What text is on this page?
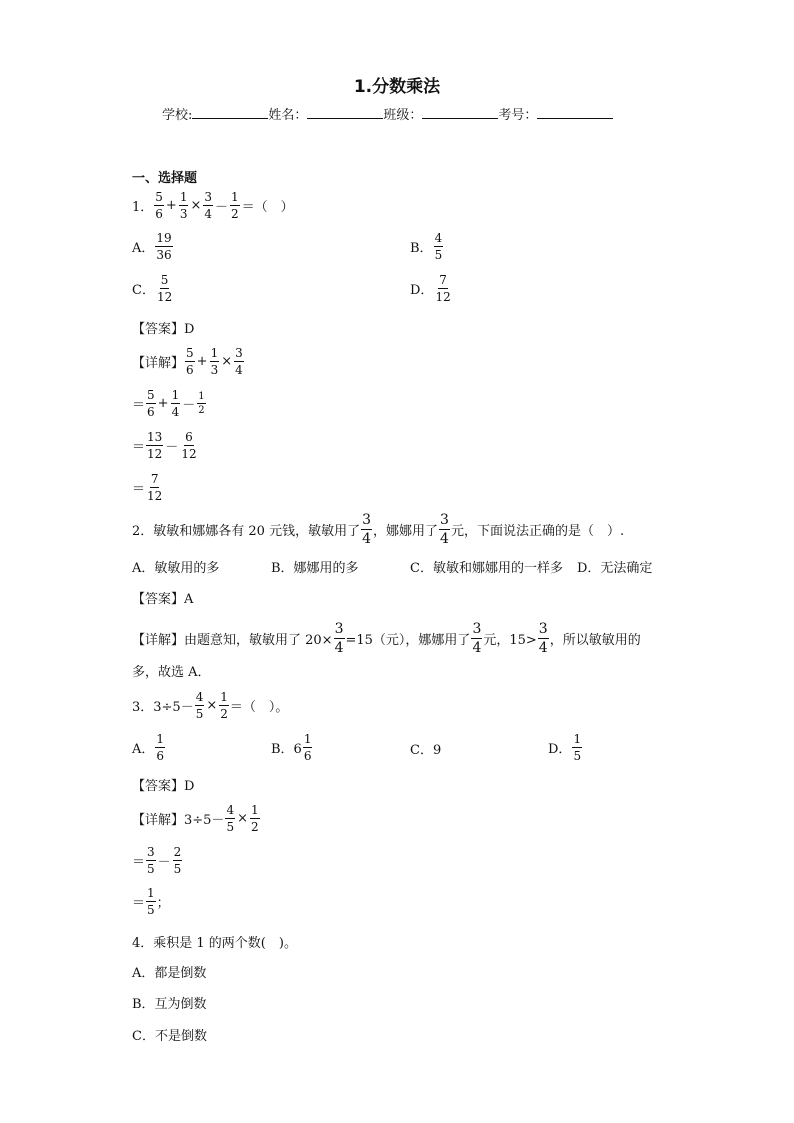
1.分数乘法
学校:	姓名：	班级：	考号：
一、选择题
1． $\frac{5}{6} + \frac{1}{3} \times \frac{3}{4} - \frac{1}{2}$ ＝（　）
A． $\frac{19}{36}$	B． $\frac{4}{5}$
C． $\frac{5}{12}$	D． $\frac{7}{12}$
【答案】D
【详解】 $\frac{5}{6} + \frac{1}{3} \times \frac{3}{4}$
＝ $\frac{5}{6} + \frac{1}{4} - \frac{1}{2}$
＝ $\frac{13}{12} - \frac{6}{12}$
＝ $\frac{7}{12}$
2．敏敏和娜娜各有 20 元钱，敏敏用了 $\frac{3}{4}$ ，娜娜用了 $\frac{3}{4}$ 元，下面说法正确的是（　）.
A．敏敏用的多	B．娜娜用的多	C．敏敏和娜娜用的一样多 D．无法确定
【答案】A
【详解】由题意知，敏敏用了 $20\times \frac{3}{4} =15$（元），娜娜用了 $\frac{3}{4}$ 元，$15> \frac{3}{4}$ ，所以敏敏用的
多，故选 A．
3．$3\div 5- \frac{4}{5} \times \frac{1}{2}$ ＝（　）。
A． $\frac{1}{6}$	B．$6 \frac{1}{6}$	C．9	D． $\frac{1}{5}$
【答案】D
【详解】$3\div 5- \frac{4}{5} \times \frac{1}{2}$
＝ $\frac{3}{5} - \frac{2}{5}$
＝ $\frac{1}{5}$ ；
4．乘积是 1 的两个数(　)。
A．都是倒数
B．互为倒数
C．不是倒数
